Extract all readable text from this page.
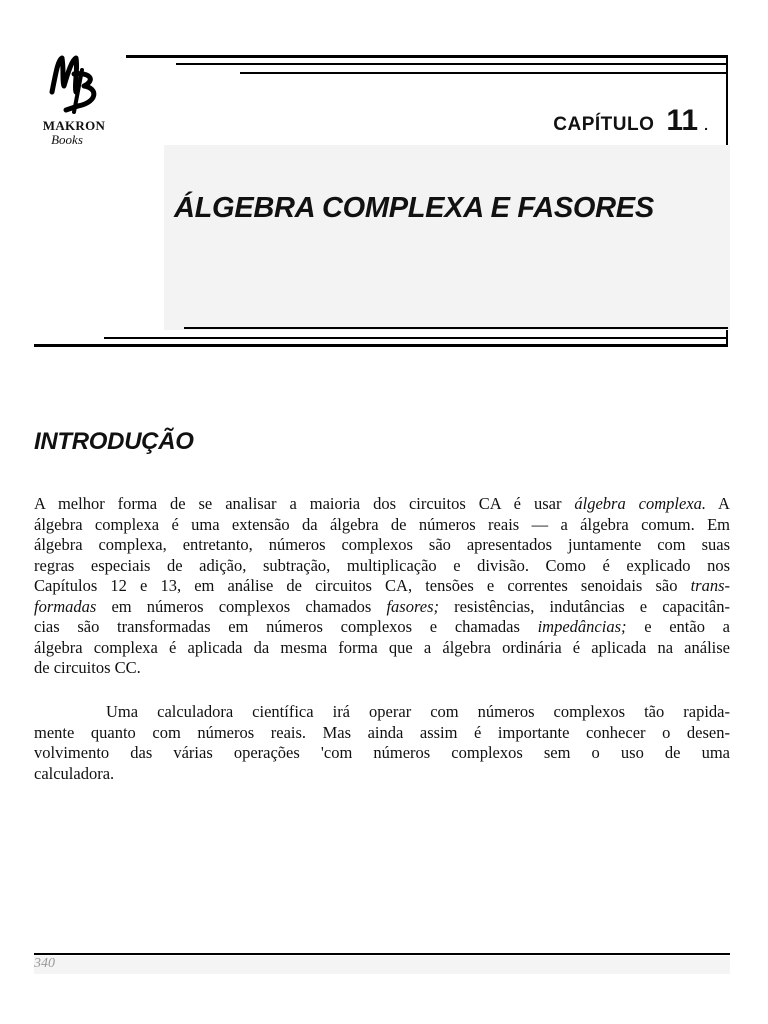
MAKRON
Books
CAPÍTULO 11 .
ÁLGEBRA COMPLEXA E FASORES
INTRODUÇÃO
A melhor forma de se analisar a maioria dos circuitos CA é usar álgebra complexa. A
álgebra complexa é uma extensão da álgebra de números reais — a álgebra comum. Em
álgebra complexa, entretanto, números complexos são apresentados juntamente com suas
regras especiais de adição, subtração, multiplicação e divisão. Como é explicado nos
Capítulos 12 e 13, em análise de circuitos CA, tensões e correntes senoidais são trans-
formadas em números complexos chamados fasores; resistências, indutâncias e capacitân-
cias são transformadas em números complexos e chamadas impedâncias; e então a
álgebra complexa é aplicada da mesma forma que a álgebra ordinária é aplicada na análise
de circuitos CC.
Uma calculadora científica irá operar com números complexos tão rapida-
mente quanto com números reais. Mas ainda assim é importante conhecer o desen-
volvimento das várias operações 'com números complexos sem o uso de uma
calculadora.
340
